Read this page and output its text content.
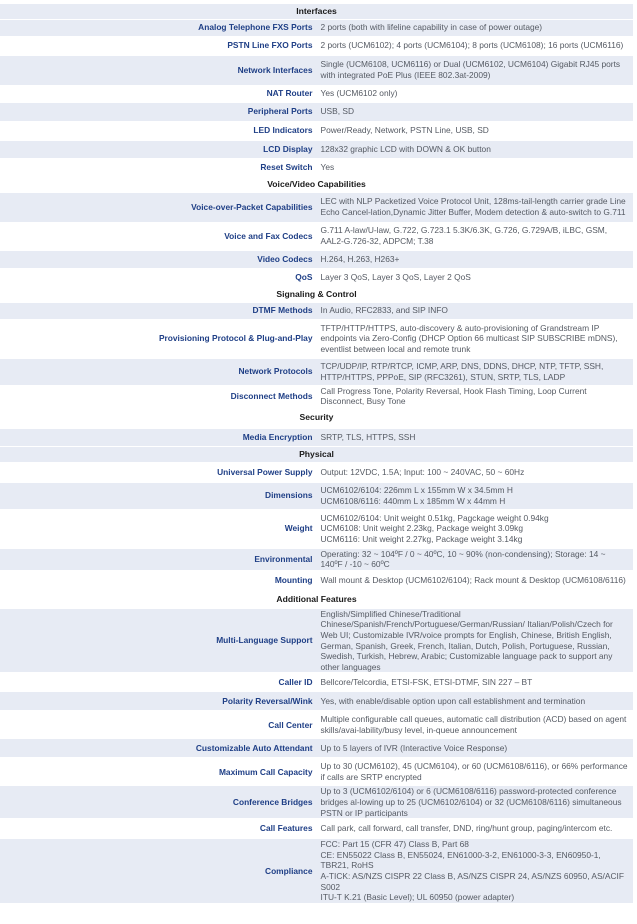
Interfaces	
Analog Telephone FXS Ports	2 ports (both with lifeline capability in case of power outage)
PSTN Line FXO Ports	2 ports (UCM6102); 4 ports (UCM6104); 8 ports (UCM6108); 16 ports (UCM6116)
Network Interfaces	Single (UCM6108, UCM6116) or Dual (UCM6102, UCM6104) Gigabit RJ45 ports with integrated PoE Plus (IEEE 802.3at-2009)
NAT Router	Yes (UCM6102 only)
Peripheral Ports	USB, SD
LED Indicators	Power/Ready, Network, PSTN Line, USB, SD
LCD Display	128x32 graphic LCD with DOWN & OK button
Reset Switch	Yes
Voice/Video Capabilities	
Voice-over-Packet Capabilities	LEC with NLP Packetized Voice Protocol Unit, 128ms-tail-length carrier grade Line Echo Cancel-lation,Dynamic Jitter Buffer, Modem detection & auto-switch to G.711
Voice and Fax Codecs	G.711 A-law/U-law, G.722, G.723.1 5.3K/6.3K, G.726, G.729A/B, iLBC, GSM, AAL2-G.726-32, ADPCM; T.38
Video Codecs	H.264, H.263, H263+
QoS	Layer 3 QoS, Layer 3 QoS, Layer 2 QoS
Signaling & Control	
DTMF Methods	In Audio, RFC2833, and SIP INFO
Provisioning Protocol & Plug-and-Play	TFTP/HTTP/HTTPS, auto-discovery & auto-provisioning of Grandstream IP endpoints via Zero-Config (DHCP Option 66 multicast SIP SUBSCRIBE mDNS), eventlist between local and remote trunk
Network Protocols	TCP/UDP/IP, RTP/RTCP, ICMP, ARP, DNS, DDNS, DHCP, NTP, TFTP, SSH, HTTP/HTTPS, PPPoE, SIP (RFC3261), STUN, SRTP, TLS, LADP
Disconnect Methods	Call Progress Tone, Polarity Reversal, Hook Flash Timing, Loop Current Disconnect, Busy Tone
Security	
Media Encryption	SRTP, TLS, HTTPS, SSH
Physical	
Universal Power Supply	Output: 12VDC, 1.5A; Input: 100 ~ 240VAC, 50 ~ 60Hz
Dimensions	UCM6102/6104: 226mm L x 155mm W x 34.5mm H
UCM6108/6116: 440mm L x 185mm W x 44mm H
Weight	UCM6102/6104: Unit weight 0.51kg, Pagckage weight 0.94kg
UCM6108: Unit weight 2.23kg, Package weight 3.09kg
UCM6116: Unit weight 2.27kg, Package weight 3.14kg
Environmental	Operating: 32 ~ 104ºF / 0 ~ 40ºC, 10 ~ 90% (non-condensing); Storage: 14 ~ 140ºF / -10 ~ 60ºC
Mounting	Wall mount & Desktop (UCM6102/6104); Rack mount & Desktop (UCM6108/6116)
Additional Features	
Multi-Language Support	English/Simplified Chinese/Traditional Chinese/Spanish/French/Portuguese/German/Russian/ Italian/Polish/Czech for Web UI; Customizable IVR/voice prompts for English, Chinese, British English, German, Spanish, Greek, French, Italian, Dutch, Polish, Portuguese, Russian, Swedish, Turkish, Hebrew, Arabic; Customizable language pack to support any other languages
Caller ID	Bellcore/Telcordia, ETSI-FSK, ETSI-DTMF, SIN 227 – BT
Polarity Reversal/Wink	Yes, with enable/disable option upon call establishment and termination
Call Center	Multiple configurable call queues, automatic call distribution (ACD) based on agent skills/avai-lability/busy level, in-queue announcement
Customizable Auto Attendant	Up to 5 layers of IVR (Interactive Voice Response)
Maximum Call Capacity	Up to 30 (UCM6102), 45 (UCM6104), or 60 (UCM6108/6116), or 66% performance if calls are SRTP encrypted
Conference Bridges	Up to 3 (UCM6102/6104) or 6 (UCM6108/6116) password-protected conference bridges al-lowing up to 25 (UCM6102/6104) or 32 (UCM6108/6116) simultaneous PSTN or IP participants
Call Features	Call park, call forward, call transfer, DND, ring/hunt group, paging/intercom etc.
Compliance	FCC: Part 15 (CFR 47) Class B, Part 68
CE: EN55022 Class B, EN55024, EN61000-3-2, EN61000-3-3, EN60950-1, TBR21, RoHS
A-TICK: AS/NZS CISPR 22 Class B, AS/NZS CISPR 24, AS/NZS 60950, AS/ACIF S002
ITU-T K.21 (Basic Level); UL 60950 (power adapter)
